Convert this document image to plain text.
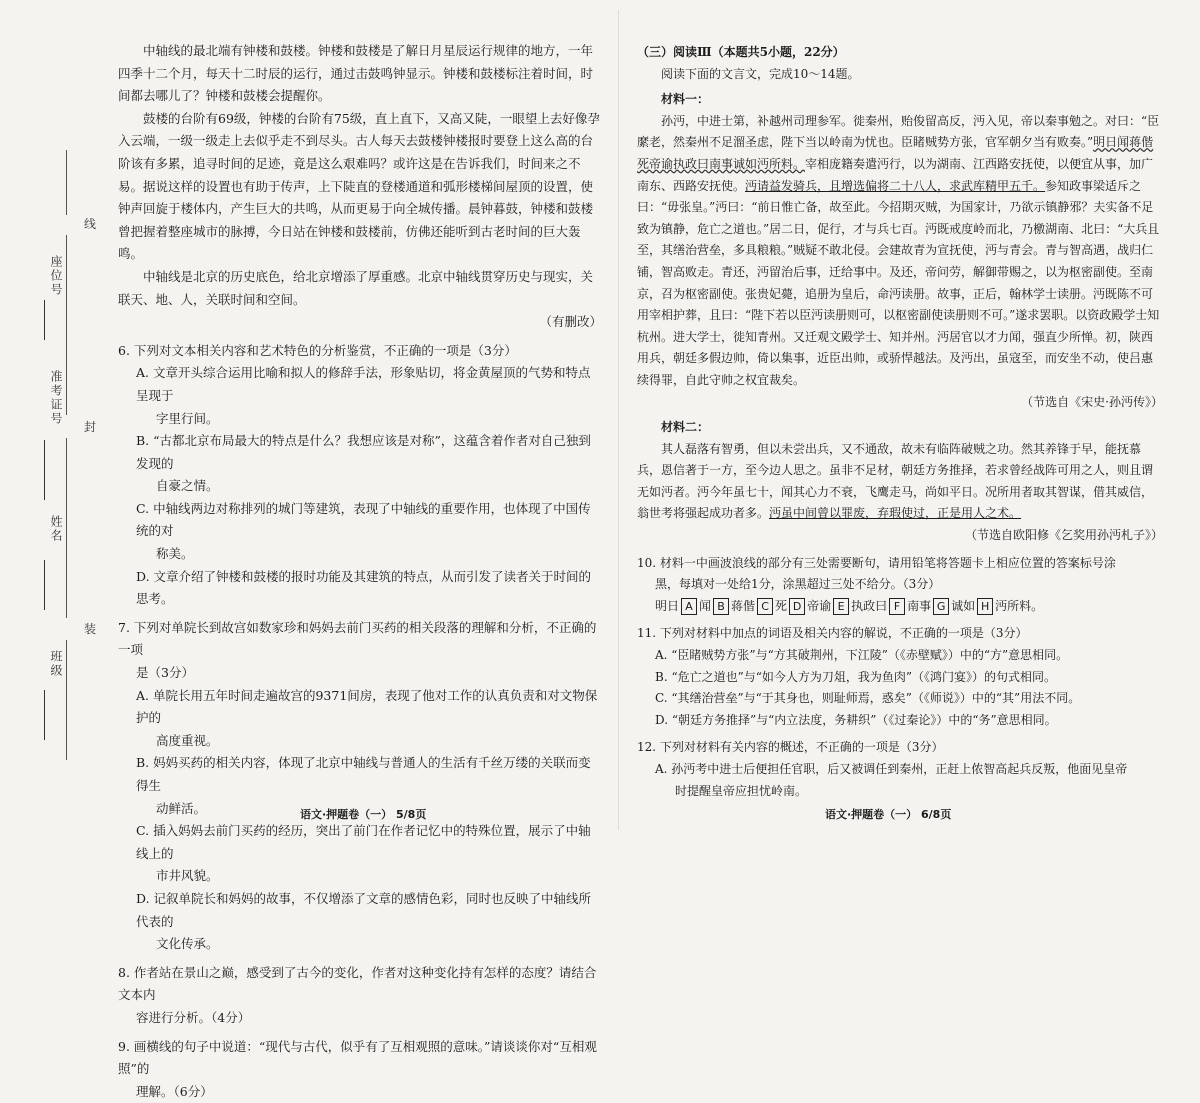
线
封
装
座位号
准考证号
姓名
班级

中轴线的最北端有钟楼和鼓楼。钟楼和鼓楼是了解日月星辰运行规律的地方，一年四季十二个月，每天十二时辰的运行，通过击鼓鸣钟显示。钟楼和鼓楼标注着时间，时间都去哪儿了？钟楼和鼓楼会提醒你。

鼓楼的台阶有69级，钟楼的台阶有75级，直上直下，又高又陡，一眼望上去好像孕入云端，一级一级走上去似乎走不到尽头。古人每天去鼓楼钟楼报时要登上这么高的台阶该有多累，追寻时间的足迹，竟是这么艰难吗？或许这是在告诉我们，时间来之不易。据说这样的设置也有助于传声，上下陡直的登楼通道和弧形楼梯间屋顶的设置，使钟声回旋于楼体内，产生巨大的共鸣，从而更易于向全城传播。晨钟暮鼓，钟楼和鼓楼曾把握着整座城市的脉搏，今日站在钟楼和鼓楼前，仿佛还能听到古老时间的巨大轰鸣。

中轴线是北京的历史底色，给北京增添了厚重感。北京中轴线贯穿历史与现实，关联天、地、人，关联时间和空间。

（有删改）

6. 下列对文本相关内容和艺术特色的分析鉴赏，不正确的一项是（3分）

A. 文章开头综合运用比喻和拟人的修辞手法，形象贴切，将金黄屋顶的气势和特点呈现于

字里行间。

B. “古都北京布局最大的特点是什么？我想应该是对称”，这蕴含着作者对自己独到发现的

自豪之情。

C. 中轴线两边对称排列的城门等建筑，表现了中轴线的重要作用，也体现了中国传统的对

称美。

D. 文章介绍了钟楼和鼓楼的报时功能及其建筑的特点，从而引发了读者关于时间的思考。

7. 下列对单院长到故宫如数家珍和妈妈去前门买药的相关段落的理解和分析，不正确的一项

是（3分）

A. 单院长用五年时间走遍故宫的9371间房，表现了他对工作的认真负责和对文物保护的

高度重视。

B. 妈妈买药的相关内容，体现了北京中轴线与普通人的生活有千丝万缕的关联而变得生

动鲜活。

C. 插入妈妈去前门买药的经历，突出了前门在作者记忆中的特殊位置，展示了中轴线上的

市井风貌。

D. 记叙单院长和妈妈的故事，不仅增添了文章的感情色彩，同时也反映了中轴线所代表的

文化传承。

8. 作者站在景山之巅，感受到了古今的变化，作者对这种变化持有怎样的态度？请结合文本内

容进行分析。（4分）

9. 画横线的句子中说道：“现代与古代，似乎有了互相观照的意味。”请谈谈你对“互相观照”的

理解。（6分）

语文·押题卷（一） 5/8页

（三）阅读Ⅲ（本题共5小题，22分）

阅读下面的文言文，完成10～14题。

材料一：

孙沔，中进士第，补越州司理参军。徙秦州，贻俊留高反，沔入见，帝以秦事勉之。对曰：“臣縻老，然秦州不足溜圣虑，陛下当以岭南为忧也。臣睹贼势方张，官军朝夕当有败奏。”明日闻蒋偕死帝谕执政曰南事诚如沔所料。宰相庞籍奏遣沔行，以为湖南、江西路安抚使，以便宜从事，加广南东、西路安抚使。沔请益发骑兵，且增选偏将二十八人，求武库精甲五千。参知政事梁适斥之曰：“毋张皇。”沔曰：“前日惟亡备，故至此。今招期灭贼，为国家计，乃欲示镇静邪？夫实备不足致为镇静，危亡之道也。”居二日，促行，才与兵七百。沔既戒度岭而北，乃檄湖南、北曰：“大兵且至，其缮治营垒，多具粮粮。”贼疑不敢北侵。会建故青为宣抚使，沔与青会。青与智高遇，战归仁铺，智高败走。青还，沔留治后事，迁给事中。及还，帝问劳，解御带赐之，以为枢密副使。至南京，召为枢密副使。张贵妃薨，追册为皇后，命沔读册。故事，正后，翰林学士读册。沔既陈不可用宰相护葬，且曰：“陛下若以臣沔读册则可，以枢密副使读册则不可。”遂求罢职。以资政殿学士知杭州。进大学士，徙知青州。又迁观文殿学士、知并州。沔居官以才力闻，强直少所惮。初，陕西用兵，朝廷多假边帅，倚以集事，近臣出帅，或骄悍越法。及沔出，虽寇至，而安坐不动，使吕惠续得罪，自此守帅之权宜裁矣。

（节选自《宋史·孙沔传》）

材料二：

其人磊落有智勇，但以未尝出兵，又不通敌，故未有临阵破贼之功。然其养锋于早，能抚慕兵，恩信著于一方，至今边人思之。虽非不足材，朝廷方务推择，若求曾经战阵可用之人，则且谓无如沔者。沔今年虽七十，闻其心力不衰，飞鹰走马，尚如平日。况所用者取其智谋，借其威信，翁世考将强起成功者多。沔虽中间曾以罪废，弃瑕使过，正是用人之术。

（节选自欧阳修《乞奖用孙沔札子》）

10. 材料一中画波浪线的部分有三处需要断句，请用铅笔将答题卡上相应位置的答案标号涂

黑，每填对一处给1分，涂黑超过三处不给分。（3分）

明日 A 闻 B 蒋偕 C 死 D 帝谕 E 执政曰 F 南事 G 诚如 H 沔所料。

11. 下列对材料中加点的词语及相关内容的解说，不正确的一项是（3分）

A. “臣睹贼势方张”与“方其破荆州，下江陵”（《赤壁赋》）中的“方”意思相同。

B. “危亡之道也”与“如今人方为刀俎，我为鱼肉”（《鸿门宴》）的句式相同。

C. “其缮治营垒”与“于其身也，则耻师焉，惑矣”（《师说》）中的“其”用法不同。

D. “朝廷方务推择”与“内立法度，务耕织”（《过秦论》）中的“务”意思相同。

12. 下列对材料有关内容的概述，不正确的一项是（3分）

A. 孙沔考中进士后便担任官职，后又被调任到秦州，正赶上侬智高起兵反叛，他面见皇帝

时提醒皇帝应担忧岭南。

语文·押题卷（一） 6/8页
